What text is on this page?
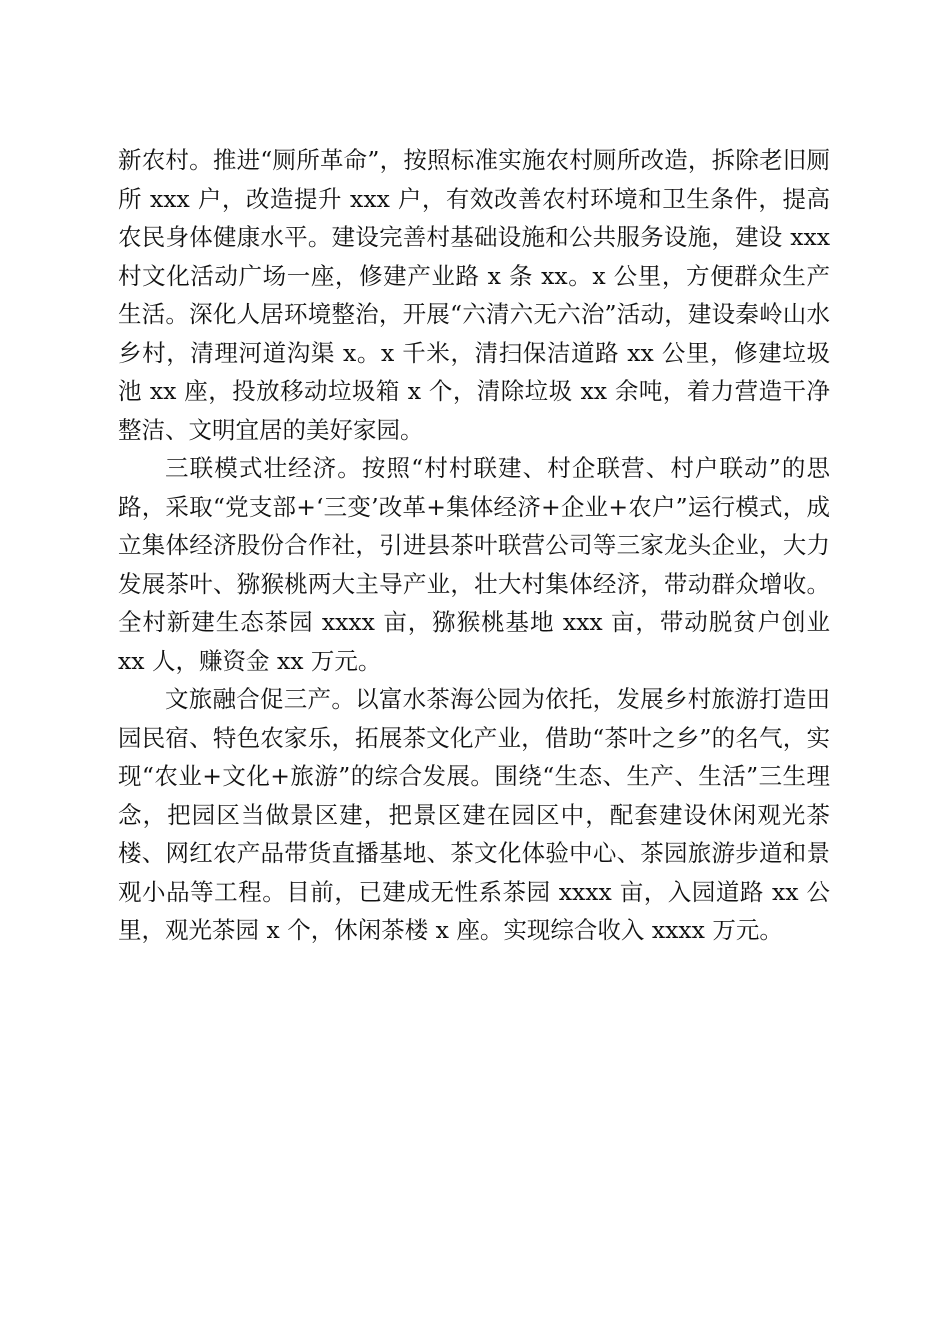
新农村。推进“厕所革命”，按照标准实施农村厕所改造，拆除老旧厕所 xxx 户，改造提升 xxx 户，有效改善农村环境和卫生条件，提高农民身体健康水平。建设完善村基础设施和公共服务设施，建设 xxx 村文化活动广场一座，修建产业路 x 条 xx。x 公里，方便群众生产生活。深化人居环境整治，开展“六清六无六治”活动，建设秦岭山水乡村，清理河道沟渠 x。x 千米，清扫保洁道路 xx 公里，修建垃圾池 xx 座，投放移动垃圾箱 x 个，清除垃圾 xx 余吨，着力营造干净整洁、文明宜居的美好家园。

三联模式壮经济。按照“村村联建、村企联营、村户联动”的思路，采取“党支部+‘三变’改革+集体经济+企业+农户”运行模式，成立集体经济股份合作社，引进县茶叶联营公司等三家龙头企业，大力发展茶叶、猕猴桃两大主导产业，壮大村集体经济，带动群众增收。全村新建生态茶园 xxxx 亩，猕猴桃基地 xxx 亩，带动脱贫户创业 xx 人，赚资金 xx 万元。

文旅融合促三产。以富水茶海公园为依托，发展乡村旅游打造田园民宿、特色农家乐，拓展茶文化产业，借助“茶叶之乡”的名气，实现“农业+文化+旅游”的综合发展。围绕“生态、生产、生活”三生理念，把园区当做景区建，把景区建在园区中，配套建设休闲观光茶楼、网红农产品带货直播基地、茶文化体验中心、茶园旅游步道和景观小品等工程。目前，已建成无性系茶园 xxxx 亩，入园道路 xx 公里，观光茶园 x 个，休闲茶楼 x 座。实现综合收入 xxxx 万元。
